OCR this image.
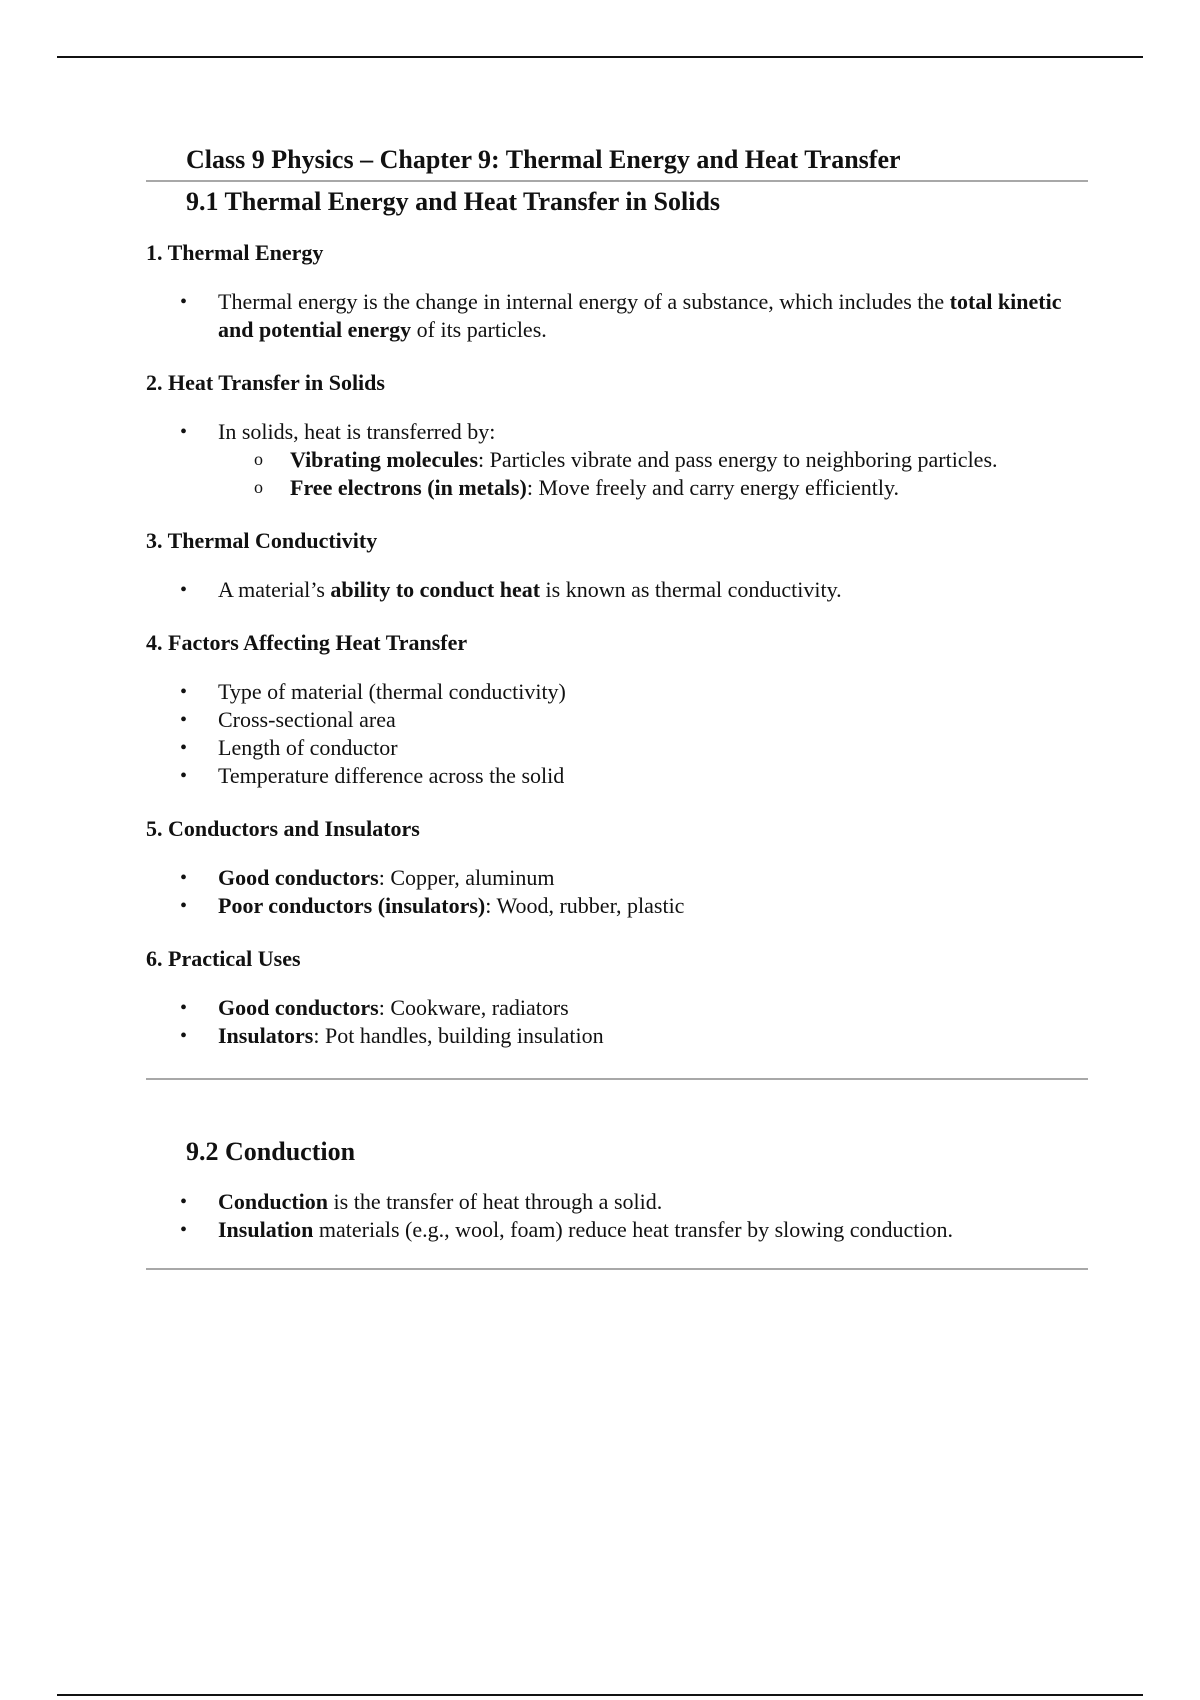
Class 9 Physics – Chapter 9: Thermal Energy and Heat Transfer
9.1 Thermal Energy and Heat Transfer in Solids
1. Thermal Energy
• Thermal energy is the change in internal energy of a substance, which includes the total kinetic and potential energy of its particles.
2. Heat Transfer in Solids
• In solids, heat is transferred by:
o Vibrating molecules: Particles vibrate and pass energy to neighboring particles.
o Free electrons (in metals): Move freely and carry energy efficiently.
3. Thermal Conductivity
• A material’s ability to conduct heat is known as thermal conductivity.
4. Factors Affecting Heat Transfer
• Type of material (thermal conductivity)
• Cross-sectional area
• Length of conductor
• Temperature difference across the solid
5. Conductors and Insulators
• Good conductors: Copper, aluminum
• Poor conductors (insulators): Wood, rubber, plastic
6. Practical Uses
• Good conductors: Cookware, radiators
• Insulators: Pot handles, building insulation
9.2 Conduction
• Conduction is the transfer of heat through a solid.
• Insulation materials (e.g., wool, foam) reduce heat transfer by slowing conduction.
